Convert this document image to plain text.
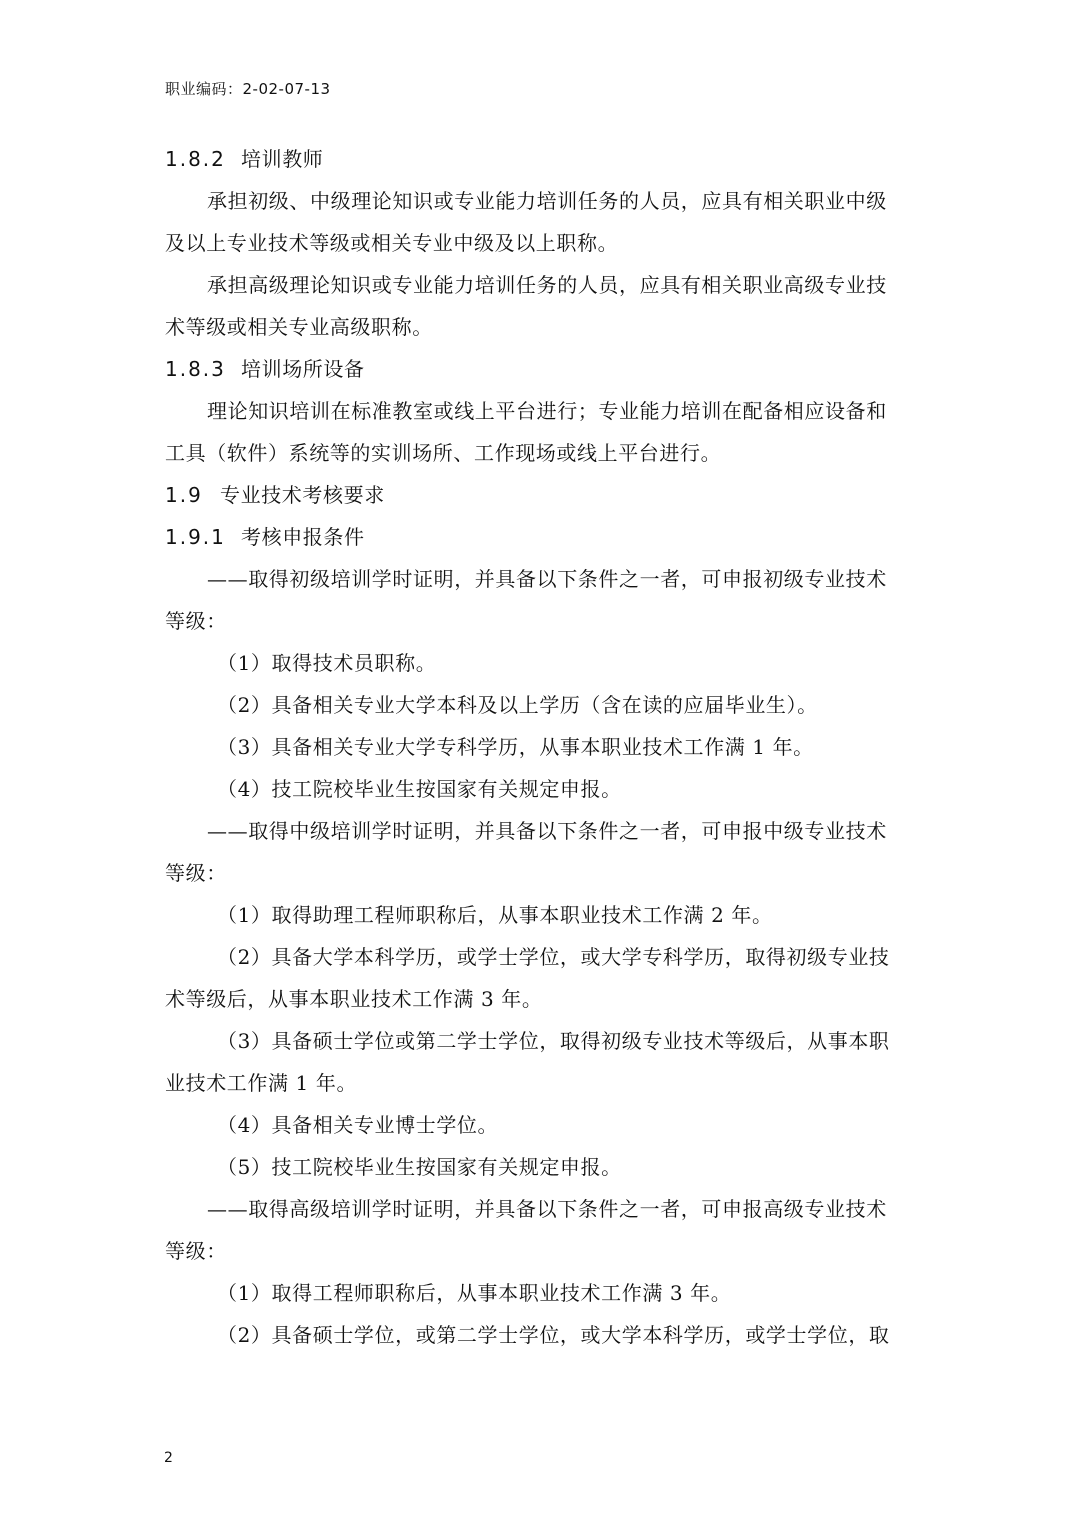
职业编码：2-02-07-13
1.8.2 培训教师
承担初级、中级理论知识或专业能力培训任务的人员，应具有相关职业中级
及以上专业技术等级或相关专业中级及以上职称。
承担高级理论知识或专业能力培训任务的人员，应具有相关职业高级专业技
术等级或相关专业高级职称。
1.8.3 培训场所设备
理论知识培训在标准教室或线上平台进行；专业能力培训在配备相应设备和
工具（软件）系统等的实训场所、工作现场或线上平台进行。
1.9 专业技术考核要求
1.9.1 考核申报条件
——取得初级培训学时证明，并具备以下条件之一者，可申报初级专业技术
等级：
（1）取得技术员职称。
（2）具备相关专业大学本科及以上学历（含在读的应届毕业生）。
（3）具备相关专业大学专科学历，从事本职业技术工作满 1 年。
（4）技工院校毕业生按国家有关规定申报。
——取得中级培训学时证明，并具备以下条件之一者，可申报中级专业技术
等级：
（1）取得助理工程师职称后，从事本职业技术工作满 2 年。
（2）具备大学本科学历，或学士学位，或大学专科学历，取得初级专业技
术等级后，从事本职业技术工作满 3 年。
（3）具备硕士学位或第二学士学位，取得初级专业技术等级后，从事本职
业技术工作满 1 年。
（4）具备相关专业博士学位。
（5）技工院校毕业生按国家有关规定申报。
——取得高级培训学时证明，并具备以下条件之一者，可申报高级专业技术
等级：
（1）取得工程师职称后，从事本职业技术工作满 3 年。
（2）具备硕士学位，或第二学士学位，或大学本科学历，或学士学位，取
2
